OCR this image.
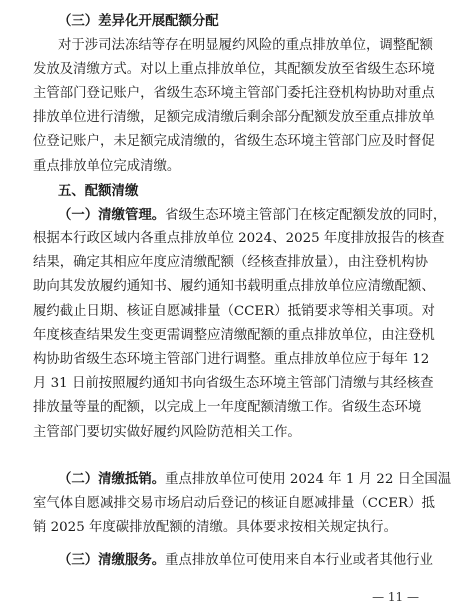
（三）差异化开展配额分配
对于涉司法冻结等存在明显履约风险的重点排放单位，调整配额
发放及清缴方式。对以上重点排放单位，其配额发放至省级生态环境
主管部门登记账户，省级生态环境主管部门委托注登机构协助对重点
排放单位进行清缴，足额完成清缴后剩余部分配额发放至重点排放单
位登记账户，未足额完成清缴的，省级生态环境主管部门应及时督促
重点排放单位完成清缴。
五、配额清缴
（一）清缴管理。省级生态环境主管部门在核定配额发放的同时，
根据本行政区域内各重点排放单位 2024、2025 年度排放报告的核查
结果，确定其相应年度应清缴配额（经核查排放量），由注登机构协
助向其发放履约通知书、履约通知书载明重点排放单位应清缴配额、
履约截止日期、核证自愿减排量（CCER）抵销要求等相关事项。对
年度核查结果发生变更需调整应清缴配额的重点排放单位，由注登机
构协助省级生态环境主管部门进行调整。重点排放单位应于每年 12
月 31 日前按照履约通知书向省级生态环境主管部门清缴与其经核查
排放量等量的配额，以完成上一年度配额清缴工作。省级生态环境
主管部门要切实做好履约风险防范相关工作。
（二）清缴抵销。重点排放单位可使用 2024 年 1 月 22 日全国温
室气体自愿减排交易市场启动后登记的核证自愿减排量（CCER）抵
销 2025 年度碳排放配额的清缴。具体要求按相关规定执行。
（三）清缴服务。重点排放单位可使用来自本行业或者其他行业
— 11 —
